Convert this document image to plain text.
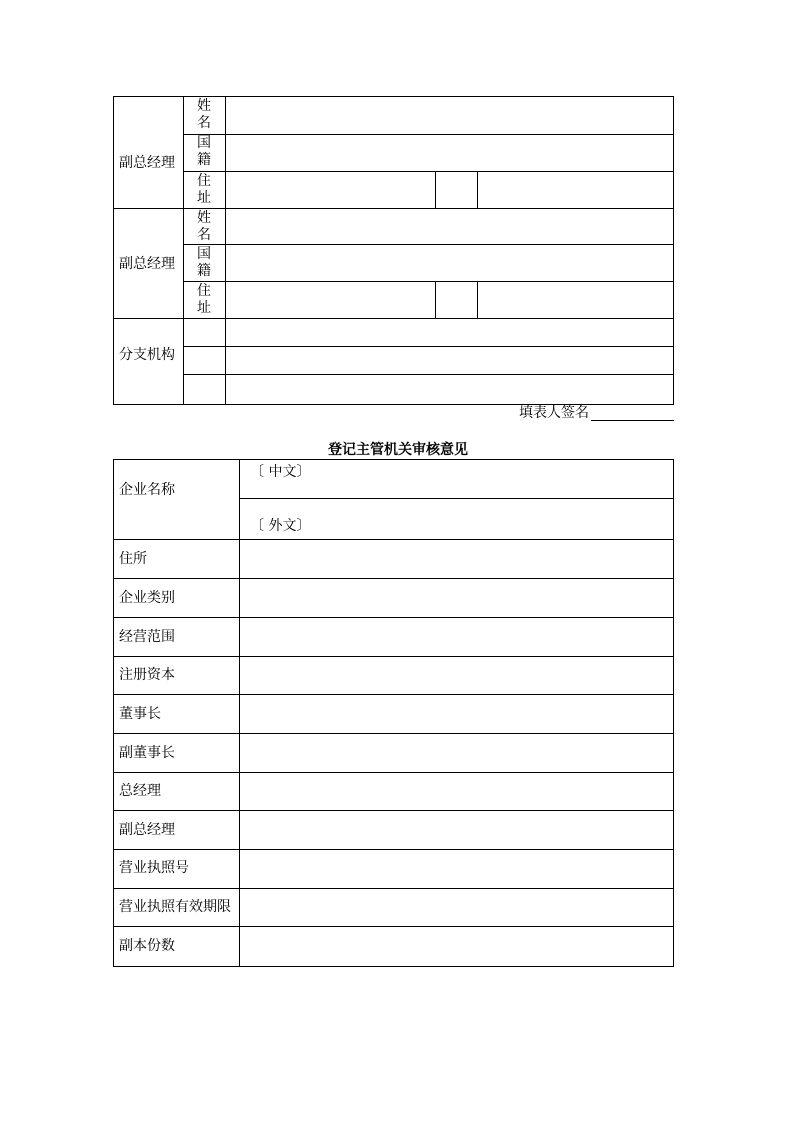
副总经理
姓名
国籍
住址
副总经理
姓名
国籍
住址
分支机构
填表人签名
登记主管机关审核意见
企业名称
〔 中文〕
〔 外文〕
住所
企业类别
经营范围
注册资本
董事长
副董事长
总经理
副总经理
营业执照号
营业执照有效期限
副本份数
